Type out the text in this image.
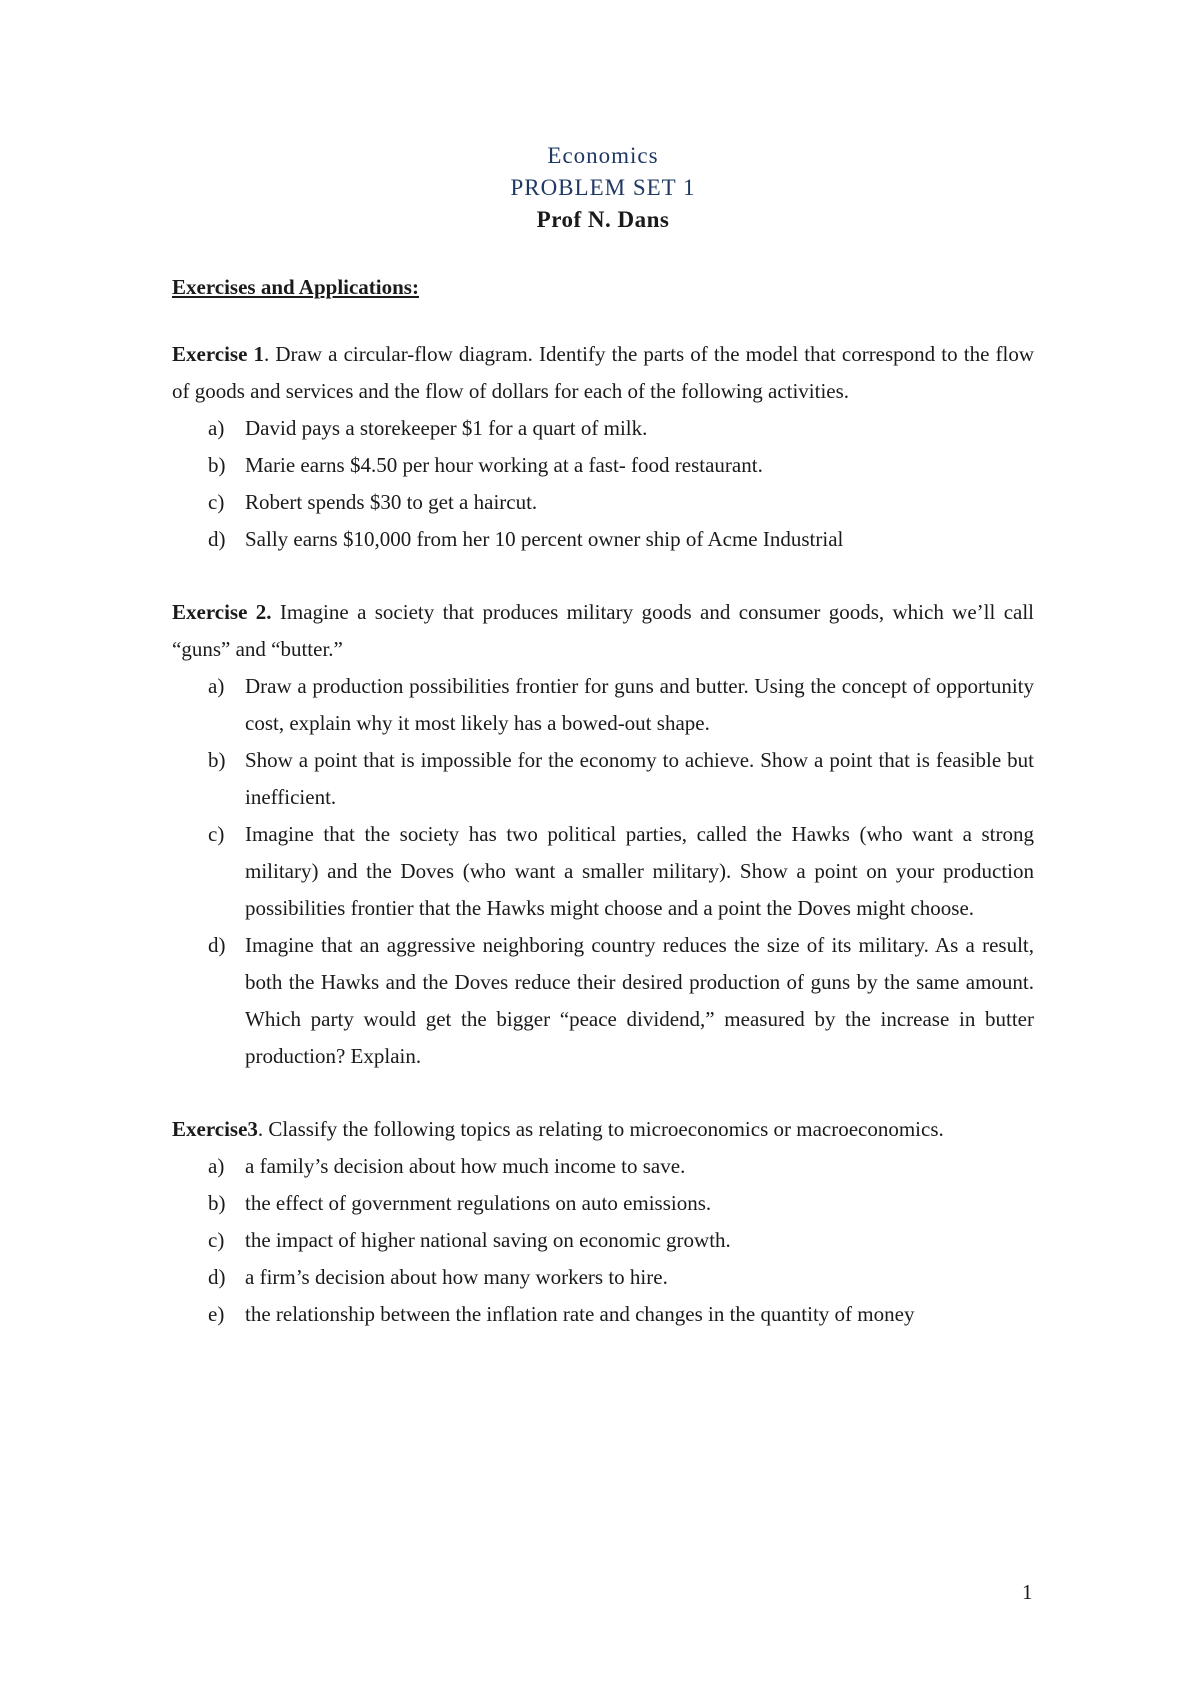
Economics
PROBLEM SET 1
Prof N. Dans
Exercises and Applications:
Exercise 1. Draw a circular-flow diagram. Identify the parts of the model that correspond to the flow of goods and services and the flow of dollars for each of the following activities.
a) David pays a storekeeper $1 for a quart of milk.
b) Marie earns $4.50 per hour working at a fast- food restaurant.
c) Robert spends $30 to get a haircut.
d) Sally earns $10,000 from her 10 percent owner ship of Acme Industrial
Exercise 2. Imagine a society that produces military goods and consumer goods, which we’ll call “guns” and “butter.”
a) Draw a production possibilities frontier for guns and butter. Using the concept of opportunity cost, explain why it most likely has a bowed-out shape.
b) Show a point that is impossible for the economy to achieve. Show a point that is feasible but inefficient.
c) Imagine that the society has two political parties, called the Hawks (who want a strong military) and the Doves (who want a smaller military). Show a point on your production possibilities frontier that the Hawks might choose and a point the Doves might choose.
d) Imagine that an aggressive neighboring country reduces the size of its military. As a result, both the Hawks and the Doves reduce their desired production of guns by the same amount. Which party would get the bigger “peace dividend,” measured by the increase in butter production? Explain.
Exercise3. Classify the following topics as relating to microeconomics or macroeconomics.
a) a family’s decision about how much income to save.
b) the effect of government regulations on auto emissions.
c) the impact of higher national saving on economic growth.
d) a firm’s decision about how many workers to hire.
e) the relationship between the inflation rate and changes in the quantity of money
1
